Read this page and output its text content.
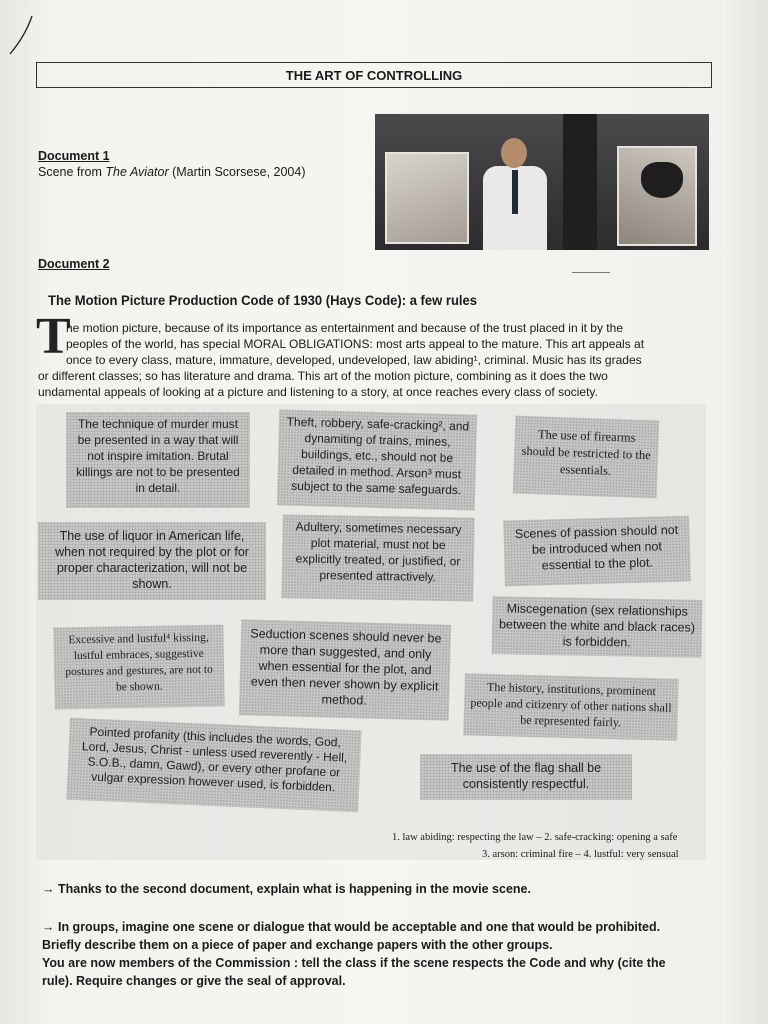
THE ART OF CONTROLLING
Document 1
Scene from The Aviator (Martin Scorsese, 2004)
Document 2
The Motion Picture Production Code of 1930 (Hays Code): a few rules
T
he motion picture, because of its importance as entertainment and because of the trust placed in it by the
peoples of the world, has special MORAL OBLIGATIONS: most arts appeal to the mature. This art appeals at
once to every class, mature, immature, developed, undeveloped, law abiding¹, criminal. Music has its grades
or different classes; so has literature and drama. This art of the motion picture, combining as it does the two
undamental appeals of looking at a picture and listening to a story, at once reaches every class of society.
The technique of murder must be presented in a way that will not inspire imitation. Brutal killings are not to be presented in detail.
Theft, robbery, safe-cracking², and dynamiting of trains, mines, buildings, etc., should not be detailed in method. Arson³ must subject to the same safeguards.
The use of firearms should be restricted to the essentials.
The use of liquor in American life, when not required by the plot or for proper characterization, will not be shown.
Adultery, sometimes necessary plot material, must not be explicitly treated, or justified, or presented attractively.
Scenes of passion should not be introduced when not essential to the plot.
Miscegenation (sex relationships between the white and black races) is forbidden.
Excessive and lustful⁴ kissing, lustful embraces, suggestive postures and gestures, are not to be shown.
Seduction scenes should never be more than suggested, and only when essential for the plot, and even then never shown by explicit method.
The history, institutions, prominent people and citizenry of other nations shall be represented fairly.
Pointed profanity (this includes the words, God, Lord, Jesus, Christ - unless used reverently - Hell, S.O.B., damn, Gawd), or every other profane or vulgar expression however used, is forbidden.
The use of the flag shall be consistently respectful.
1. law abiding: respecting the law – 2. safe-cracking: opening a safe
3. arson: criminal fire – 4. lustful: very sensual
→ Thanks to the second document, explain what is happening in the movie scene.
→ In groups, imagine one scene or dialogue that would be acceptable and one that would be prohibited.
Briefly describe them on a piece of paper and exchange papers with the other groups.
You are now members of the Commission : tell the class if the scene respects the Code and why (cite the
rule). Require changes or give the seal of approval.
